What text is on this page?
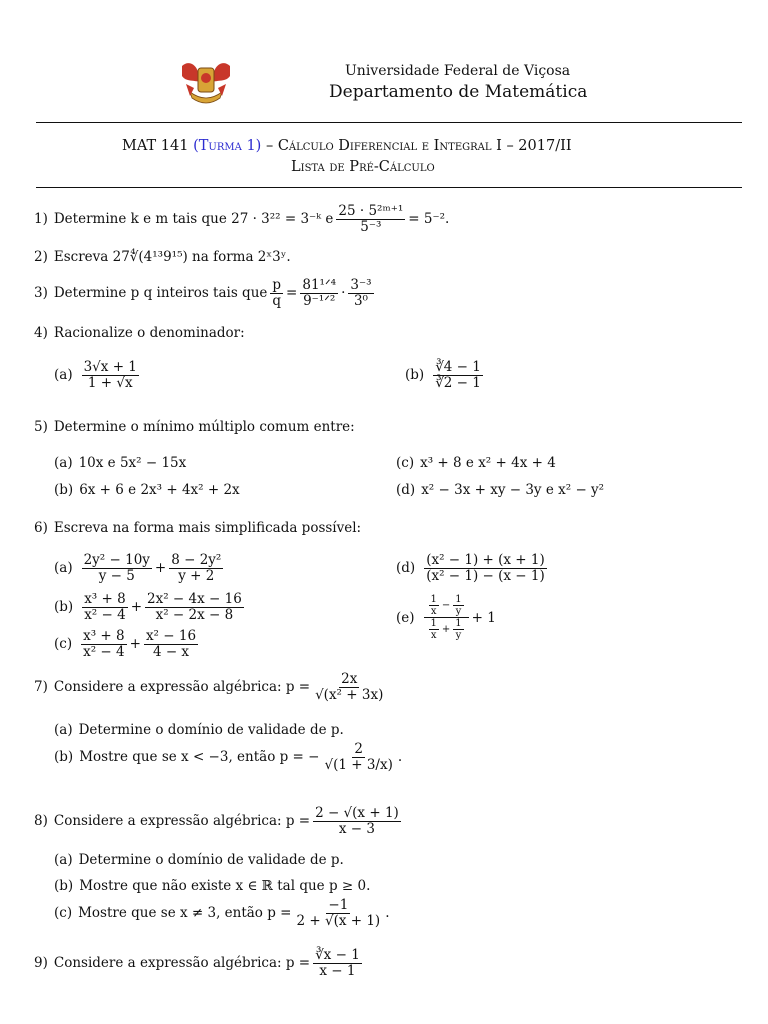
Universidade Federal de Viçosa
Departamento de Matemática
MAT 141
(Turma 1) – Cálculo Diferencial e Integral I – 2017/II
Lista de Pré-Cálculo
1) Determine k e m tais que 27 · 3²² = 3⁻ᵏ e $\frac{\text{25 · 5²ᵐ⁺¹}}{\text{5⁻³}} = 5^{-2}$.
2) Escreva 27∜(4¹³9¹⁵) na forma 2ˣ3ʸ.
3) Determine p q inteiros tais que $\frac{p}{q} = \frac{\text{81¹ᐟ⁴}}{\text{9⁻¹ᐟ²}} \cdot \frac{\text{3⁻³}}{\text{3⁰}}$
4) Racionalize o denominador:
$(a) \frac{3√x + 1}{1 + √x}$	$(b) \frac{∛4 - 1}{∛2 - 1}$
5) Determine o mínimo múltiplo comum entre:
(a) 10x e 5x² − 15x	(c) x³ + 8 e x² + 4x + 4
(b) 6x + 6 e 2x³ + 4x² + 2x	(d) x² − 3x + xy − 3y e x² − y²
6) Escreva na forma mais simplificada possível:
$(a) \frac{\text{2y² − 10y}}{y - 5} + \frac{\text{8 − 2y²}}{y + 2}$
$(b) \frac{\text{x³ + 8}}{\text{x² − 4}} + \frac{\text{2x² − 4x − 16}}{\text{x² − 2x − 8}}$
$(c) \frac{\text{x³ + 8}}{\text{x² − 4}} + \frac{\text{x² − 16}}{4 - x}$
$(d) \frac{\text{(x² − 1) + (x + 1)}}{\text{(x² − 1) − (x − 1)}}$
$(e) \frac{\frac{1}{x} - \frac{1}{y}}{\frac{1}{x} + \frac{1}{y}} + 1$
7) Considere a expressão algébrica: $p = \frac{2x}{\text{√(x² + 3x)}}$
(a) Determine o domínio de validade de p.
(b) Mostre que se x < −3, então p = − $\frac{2}{√(1 + 3/x)}$ .
8) Considere a expressão algébrica: $p = \frac{2 - √(x + 1)}{x - 3}$
(a) Determine o domínio de validade de p.
(b) Mostre que não existe x ∈ ℝ tal que p ≥ 0.
(c) Mostre que se x ≠ 3, então $p = \frac{-1}{2 + √(x + 1)}$ .
9) Considere a expressão algébrica: $p = \frac{∛x - 1}{x - 1}$
